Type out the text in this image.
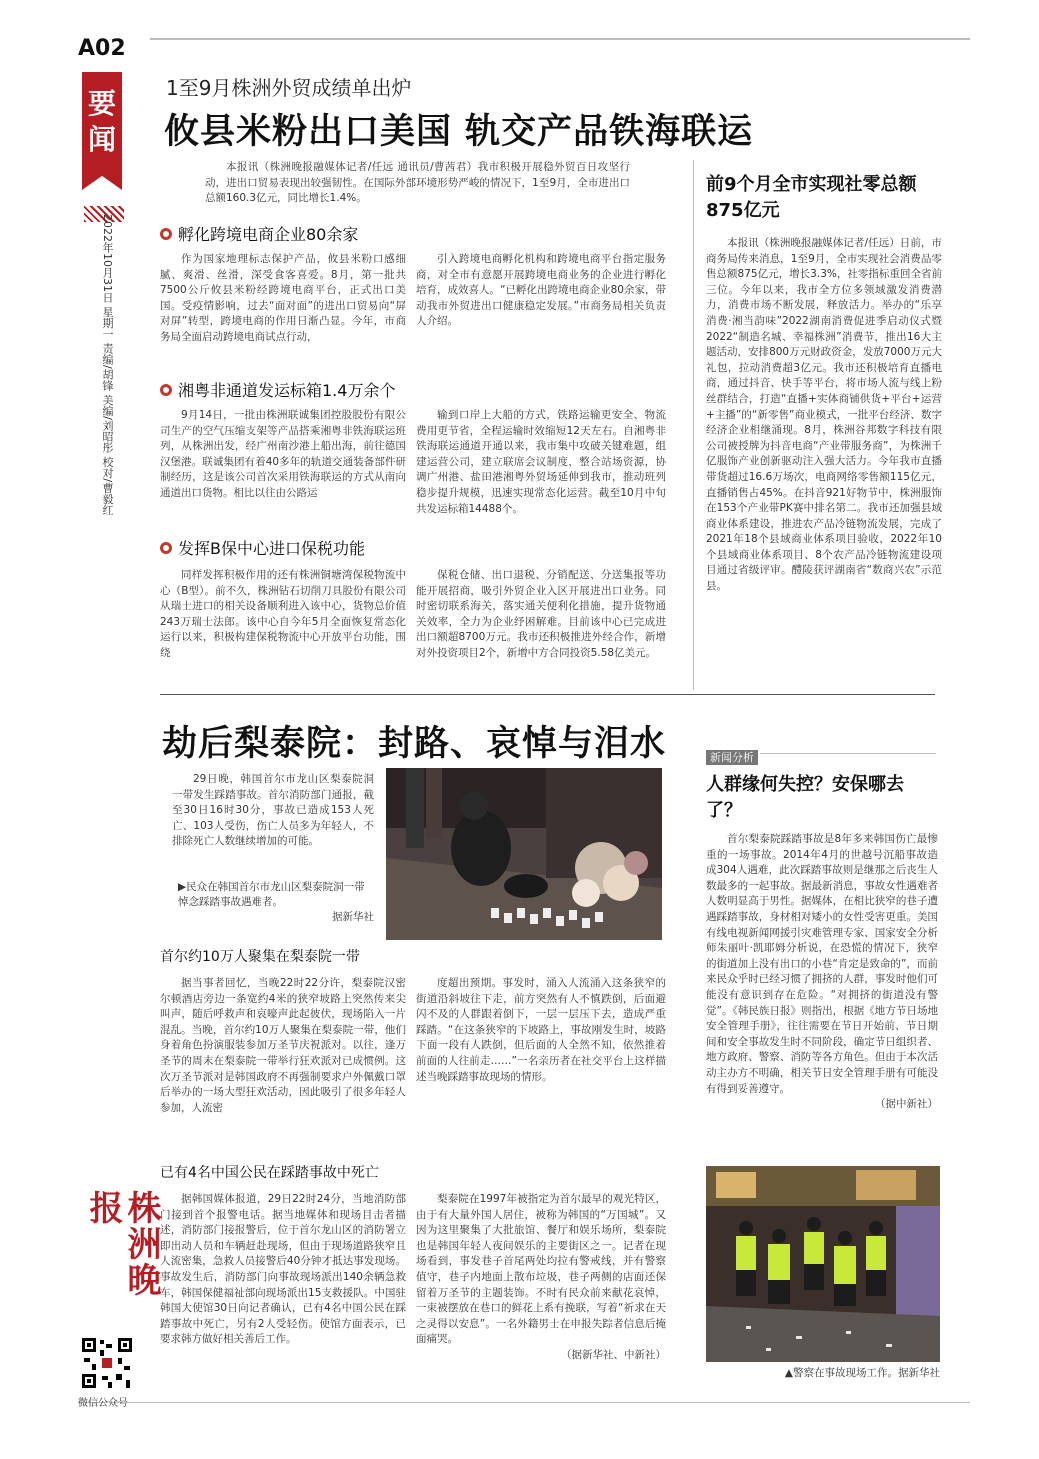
A02
要闻
2022年10月31日 星期一 责编/胡锋 美编/刘昭彤 校对/曹毅红
株洲晚报
微信公众号
1至9月株洲外贸成绩单出炉
攸县米粉出口美国 轨交产品铁海联运

本报讯（株洲晚报融媒体记者/任远 通讯员/曹茜君）我市积极开展稳外贸百日攻坚行动，进出口贸易表现出较强韧性。在国际外部环境形势严峻的情况下，1至9月，全市进出口总额160.3亿元，同比增长1.4%。

孵化跨境电商企业80余家

作为国家地理标志保护产品，攸县米粉口感细腻、爽滑、丝滑，深受食客喜爱。8月，第一批共7500公斤攸县米粉经跨境电商平台，正式出口美国。受疫情影响，过去“面对面”的进出口贸易向“屏对屏”转型，跨境电商的作用日渐凸显。今年，市商务局全面启动跨境电商试点行动，

引入跨境电商孵化机构和跨境电商平台指定服务商，对全市有意愿开展跨境电商业务的企业进行孵化培育，成效喜人。“已孵化出跨境电商企业80余家，带动我市外贸进出口健康稳定发展。”市商务局相关负责人介绍。

湘粤非通道发运标箱1.4万余个

9月14日，一批由株洲联诚集团控股股份有限公司生产的空气压缩支架等产品搭乘湘粤非铁海联运班列，从株洲出发，经广州南沙港上船出海，前往德国汉堡港。联诚集团有着40多年的轨道交通装备部件研制经历，这是该公司首次采用铁海联运的方式从南向通道出口货物。相比以往由公路运

输到口岸上大船的方式，铁路运输更安全、物流费用更节省，全程运输时效缩短12天左右。自湘粤非铁海联运通道开通以来，我市集中攻破关键难题，组建运营公司，建立联席会议制度，整合站场资源，协调广州港、盐田港湘粤外贸场延伸到我市，推动班列稳步提升规模，迅速实现常态化运营。截至10月中旬共发运标箱14488个。

发挥B保中心进口保税功能

同样发挥积极作用的还有株洲铜塘湾保税物流中心（B型）。前不久，株洲钻石切削刀具股份有限公司从瑞士进口的相关设备顺利进入该中心，货物总价值243万瑞士法郎。该中心自今年5月全面恢复常态化运行以来，积极构建保税物流中心开放平台功能，围绕

保税仓储、出口退税、分销配送、分送集报等功能开展招商，吸引外贸企业入区开展进出口业务。同时密切联系海关，落实通关便利化措施，提升货物通关效率，全力为企业纾困解难。目前该中心已完成进出口额超8700万元。我市还积极推进外经合作，新增对外投资项目2个，新增中方合同投资5.58亿美元。

前9个月全市实现社零总额875亿元

本报讯（株洲晚报融媒体记者/任远）日前，市商务局传来消息，1至9月，全市实现社会消费品零售总额875亿元，增长3.3%，社零指标重回全省前三位。今年以来，我市全方位多领域激发消费潜力，消费市场不断发展，释放活力。举办的“乐享消费·湘当韵味”2022湖南消费促进季启动仪式暨2022“制造名城、幸福株洲”消费节，推出16大主题活动，安排800万元财政资金，发放7000万元大礼包，拉动消费超3亿元。我市还积极培育直播电商，通过抖音、快手等平台，将市场人流与线上粉丝群结合，打造“直播+实体商铺供货+平台+运营+主播”的“新零售”商业模式，一批平台经济、数字经济企业相继涌现。8月，株洲谷邦数字科技有限公司被授牌为抖音电商“产业带服务商”，为株洲千亿服饰产业创新驱动注入强大活力。今年我市直播带货超过16.6万场次，电商网络零售额115亿元，直播销售占45%。在抖音921好物节中，株洲服饰在153个产业带PK赛中排名第二。我市还加强县域商业体系建设，推进农产品冷链物流发展，完成了2021年18个县域商业体系项目验收，2022年10个县域商业体系项目、8个农产品冷链物流建设项目通过省级评审。醴陵获评湖南省“数商兴农”示范县。

劫后梨泰院：封路、哀悼与泪水

29日晚，韩国首尔市龙山区梨泰院洞一带发生踩踏事故。首尔消防部门通报，截至30日16时30分，事故已造成153人死亡、103人受伤，伤亡人员多为年轻人，不排除死亡人数继续增加的可能。

▶民众在韩国首尔市龙山区梨泰院洞一带悼念踩踏事故遇难者。
据新华社
首尔约10万人聚集在梨泰院一带

据当事者回忆，当晚22时22分许，梨泰院汉密尔顿酒店旁边一条宽约4米的狭窄坡路上突然传来尖叫声，随后呼救声和哀嚎声此起彼伏，现场陷入一片混乱。当晚，首尔约10万人聚集在梨泰院一带，他们身着角色扮演服装参加万圣节庆祝派对。以往，逢万圣节的周末在梨泰院一带举行狂欢派对已成惯例。这次万圣节派对是韩国政府不再强制要求户外佩戴口罩后举办的一场大型狂欢活动，因此吸引了很多年轻人参加，人流密

度超出预期。事发时，涌入人流涌入这条狭窄的街道沿斜坡往下走，前方突然有人不慎跌倒，后面避闪不及的人群跟着倒下，一层一层压下去，造成严重踩踏。“在这条狭窄的下坡路上，事故刚发生时，坡路下面一段有人跌倒，但后面的人全然不知，依然推着前面的人往前走……”一名亲历者在社交平台上这样描述当晚踩踏事故现场的情形。

已有4名中国公民在踩踏事故中死亡

据韩国媒体报道，29日22时24分，当地消防部门接到首个报警电话。据当地媒体和现场目击者描述，消防部门接报警后，位于首尔龙山区的消防署立即出动人员和车辆赶赴现场，但由于现场道路狭窄且人流密集，急救人员接警后40分钟才抵达事发现场。事故发生后，消防部门向事故现场派出140余辆急救车，韩国保健福祉部向现场派出15支救援队。中国驻韩国大使馆30日向记者确认，已有4名中国公民在踩踏事故中死亡，另有2人受轻伤。使馆方面表示，已要求韩方做好相关善后工作。

梨泰院在1997年被指定为首尔最早的观光特区，由于有大量外国人居住，被称为韩国的“万国城”。又因为这里聚集了大批旅馆、餐厅和娱乐场所，梨泰院也是韩国年轻人夜间娱乐的主要街区之一。记者在现场看到，事发巷子首尾两处均拉有警戒线，并有警察值守，巷子内地面上散布垃圾，巷子两侧的店面还保留着万圣节的主题装饰。不时有民众前来献花哀悼，一束被摆放在巷口的鲜花上系有挽联，写着“祈求在天之灵得以安息”。一名外籍男士在申报失踪者信息后掩面痛哭。

（据新华社、中新社）
新闻分析
人群缘何失控？安保哪去了？

首尔梨泰院踩踏事故是8年多来韩国伤亡最惨重的一场事故。2014年4月的世越号沉船事故造成304人遇难，此次踩踏事故则是继那之后丧生人数最多的一起事故。据最新消息，事故女性遇难者人数明显高于男性。据媒体，在相比狭窄的巷子遭遇踩踏事故，身材相对矮小的女性受害更重。美国有线电视新闻网援引灾难管理专家、国家安全分析师朱丽叶·凯耶姆分析说，在恐慌的情况下，狭窄的街道加上没有出口的小巷“肯定是致命的”，而前来民众乎时已经习惯了拥挤的人群，事发时他们可能没有意识到存在危险。“对拥挤的街道没有警觉”。《韩民族日报》则指出，根据《地方节日场地安全管理手册》，往往需要在节日开始前、节日期间和安全事故发生时不同阶段，确定节日组织者、地方政府、警察、消防等各方角色。但由于本次活动主办方不明确，相关节日安全管理手册有可能没有得到妥善遵守。

（据中新社）
▲警察在事故现场工作。据新华社
